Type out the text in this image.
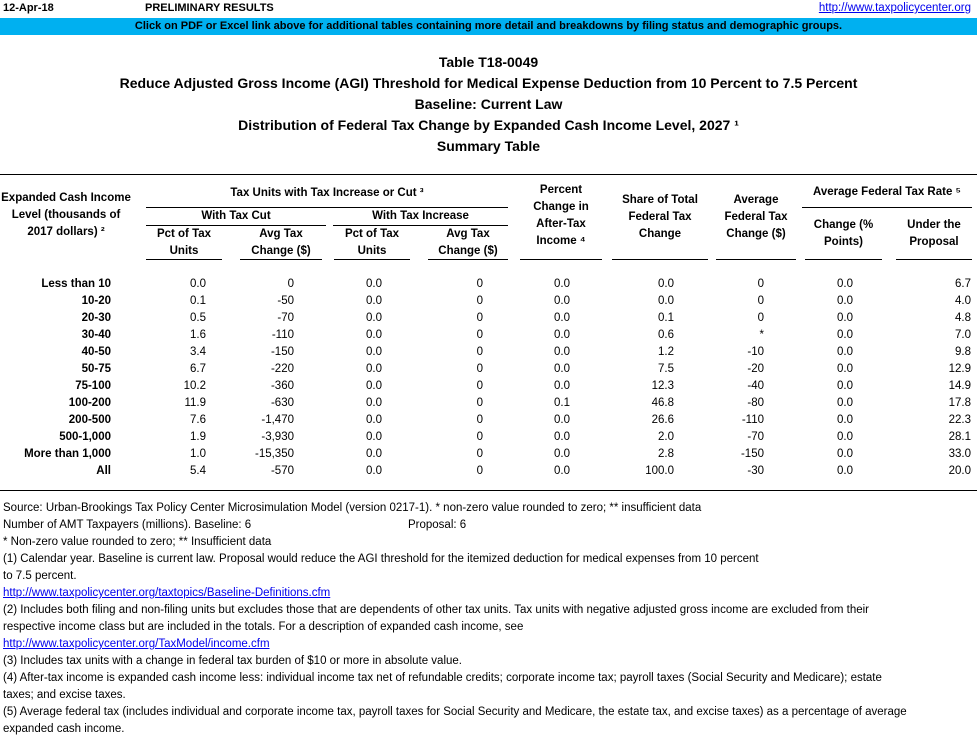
12-Apr-18	PRELIMINARY RESULTS	http://www.taxpolicycenter.org
Click on PDF or Excel link above for additional tables containing more detail and breakdowns by filing status and demographic groups.
Table T18-0049
Reduce Adjusted Gross Income (AGI) Threshold for Medical Expense Deduction from 10 Percent to 7.5 Percent
Baseline: Current Law
Distribution of Federal Tax Change by Expanded Cash Income Level, 2027 ¹
Summary Table
Expanded Cash Income
Level (thousands of
2017 dollars) ²
Tax Units with Tax Increase or Cut ³
With Tax Cut	With Tax Increase
Pct of Tax
Units
Avg Tax
Change ($)
Pct of Tax
Units
Avg Tax
Change ($)
Percent
Change in
After-Tax
Income ⁴
Share of Total
Federal Tax
Change
Average
Federal Tax
Change ($)
Average Federal Tax Rate ⁵
Change (%
Points)
Under the
Proposal
Less than 10	0.0	0	0.0	0	0.0	0.0	0	0.0	6.7
10-20	0.1	-50	0.0	0	0.0	0.0	0	0.0	4.0
20-30	0.5	-70	0.0	0	0.0	0.1	0	0.0	4.8
30-40	1.6	-110	0.0	0	0.0	0.6	*	0.0	7.0
40-50	3.4	-150	0.0	0	0.0	1.2	-10	0.0	9.8
50-75	6.7	-220	0.0	0	0.0	7.5	-20	0.0	12.9
75-100	10.2	-360	0.0	0	0.0	12.3	-40	0.0	14.9
100-200	11.9	-630	0.0	0	0.1	46.8	-80	0.0	17.8
200-500	7.6	-1,470	0.0	0	0.0	26.6	-110	0.0	22.3
500-1,000	1.9	-3,930	0.0	0	0.0	2.0	-70	0.0	28.1
More than 1,000	1.0	-15,350	0.0	0	0.0	2.8	-150	0.0	33.0
All	5.4	-570	0.0	0	0.0	100.0	-30	0.0	20.0
Source: Urban-Brookings Tax Policy Center Microsimulation Model (version 0217-1). * non-zero value rounded to zero; ** insufficient data
Number of AMT Taxpayers (millions). Baseline: 6	Proposal: 6
* Non-zero value rounded to zero; ** Insufficient data
(1) Calendar year. Baseline is current law. Proposal would reduce the AGI threshold for the itemized deduction for medical expenses from 10 percent
to 7.5 percent.
http://www.taxpolicycenter.org/taxtopics/Baseline-Definitions.cfm
(2) Includes both filing and non-filing units but excludes those that are dependents of other tax units. Tax units with negative adjusted gross income are excluded from their
respective income class but are included in the totals. For a description of expanded cash income, see
http://www.taxpolicycenter.org/TaxModel/income.cfm
(3) Includes tax units with a change in federal tax burden of $10 or more in absolute value.
(4) After-tax income is expanded cash income less: individual income tax net of refundable credits; corporate income tax; payroll taxes (Social Security and Medicare); estate
taxes; and excise taxes.
(5) Average federal tax (includes individual and corporate income tax, payroll taxes for Social Security and Medicare, the estate tax, and excise taxes) as a percentage of average
expanded cash income.
